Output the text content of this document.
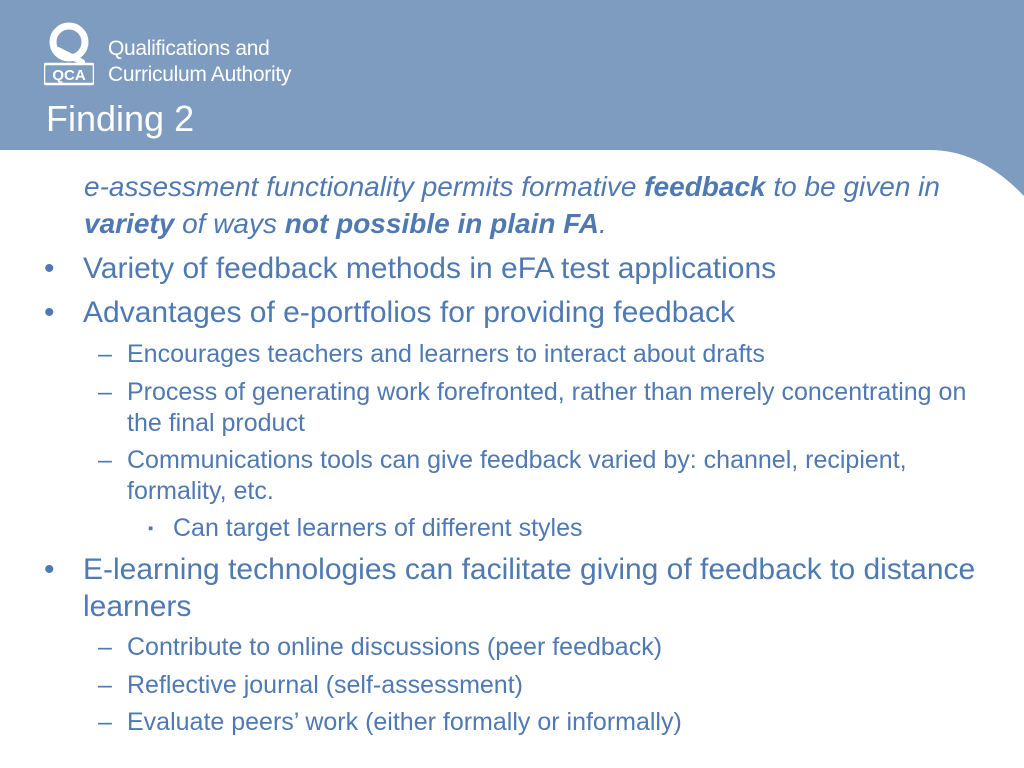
QCA
Qualifications and
Curriculum Authority
Finding 2
e-assessment functionality permits formative feedback to be given in variety of ways not possible in plain FA.
• Variety of feedback methods in eFA test applications
• Advantages of e-portfolios for providing feedback
– Encourages teachers and learners to interact about drafts
– Process of generating work forefronted, rather than merely concentrating on the final product
– Communications tools can give feedback varied by: channel, recipient, formality, etc.
▪ Can target learners of different styles
• E-learning technologies can facilitate giving of feedback to distance learners
– Contribute to online discussions (peer feedback)
– Reflective journal (self-assessment)
– Evaluate peers’ work (either formally or informally)
